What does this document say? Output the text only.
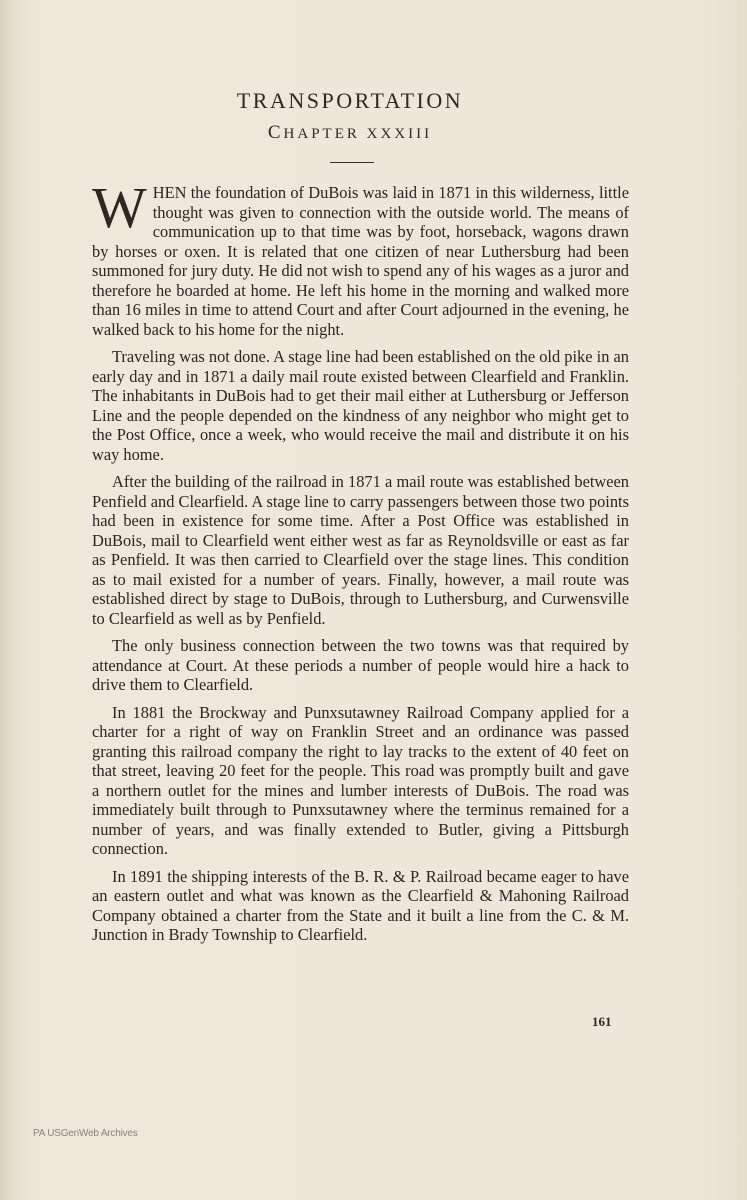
TRANSPORTATION
CHAPTER XXXIII

WHEN the foundation of DuBois was laid in 1871 in this wilderness, little thought was given to connection with the outside world. The means of communication up to that time was by foot, horseback, wagons drawn by horses or oxen. It is related that one citizen of near Luthersburg had been summoned for jury duty. He did not wish to spend any of his wages as a juror and therefore he boarded at home. He left his home in the morning and walked more than 16 miles in time to attend Court and after Court adjourned in the evening, he walked back to his home for the night.

Traveling was not done. A stage line had been established on the old pike in an early day and in 1871 a daily mail route existed between Clearfield and Franklin. The inhabitants in DuBois had to get their mail either at Luthersburg or Jefferson Line and the people depended on the kindness of any neighbor who might get to the Post Office, once a week, who would receive the mail and distribute it on his way home.

After the building of the railroad in 1871 a mail route was established between Penfield and Clearfield. A stage line to carry passengers between those two points had been in existence for some time. After a Post Office was established in DuBois, mail to Clearfield went either west as far as Reynoldsville or east as far as Penfield. It was then carried to Clearfield over the stage lines. This condition as to mail existed for a number of years. Finally, however, a mail route was established direct by stage to DuBois, through to Luthersburg, and Curwensville to Clearfield as well as by Penfield.

The only business connection between the two towns was that required by attendance at Court. At these periods a number of people would hire a hack to drive them to Clearfield.

In 1881 the Brockway and Punxsutawney Railroad Company applied for a charter for a right of way on Franklin Street and an ordinance was passed granting this railroad company the right to lay tracks to the extent of 40 feet on that street, leaving 20 feet for the people. This road was promptly built and gave a northern outlet for the mines and lumber interests of DuBois. The road was immediately built through to Punxsutawney where the terminus remained for a number of years, and was finally extended to Butler, giving a Pittsburgh connection.

In 1891 the shipping interests of the B. R. & P. Railroad became eager to have an eastern outlet and what was known as the Clearfield & Mahoning Railroad Company obtained a charter from the State and it built a line from the C. & M. Junction in Brady Township to Clearfield.

161
PA USGenWeb Archives
